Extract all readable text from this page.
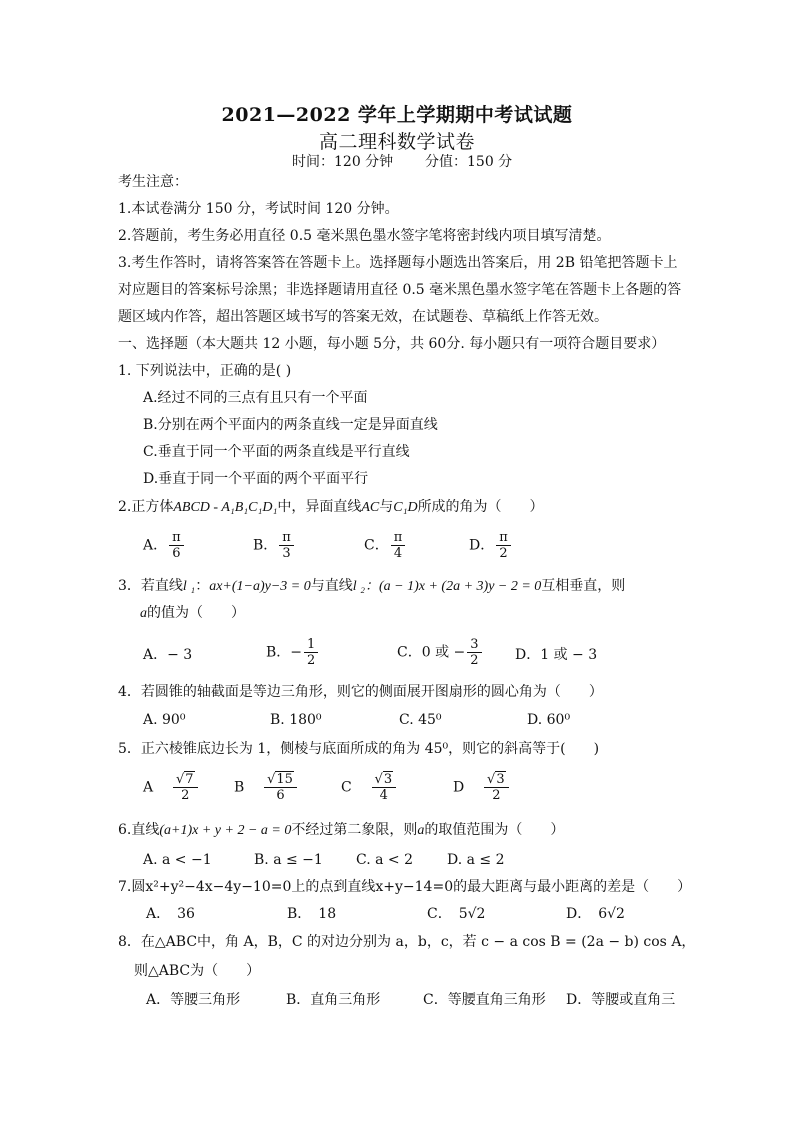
2021—2022 学年上学期期中考试试题
高二理科数学试卷
时间：120 分钟 分值：150 分
考生注意：
1.本试卷满分 150 分，考试时间 120 分钟。
2.答题前，考生务必用直径 0.5 毫米黑色墨水签字笔将密封线内项目填写清楚。
3.考生作答时，请将答案答在答题卡上。选择题每小题选出答案后，用 2B 铅笔把答题卡上
对应题目的答案标号涂黑；非选择题请用直径 0.5 毫米黑色墨水签字笔在答题卡上各题的答
题区域内作答，超出答题区域书写的答案无效，在试题卷、草稿纸上作答无效。
一、选择题（本大题共 12 小题，每小题 5分，共 60分. 每小题只有一项符合题目要求）
1. 下列说法中，正确的是( )
A.经过不同的三点有且只有一个平面
B.分别在两个平面内的两条直线一定是异面直线
C.垂直于同一个平面的两条直线是平行直线
D.垂直于同一个平面的两个平面平行
2.正方体ABCD - A₁B₁C₁D₁中，异面直线AC与C₁D所成的角为（　　）
A． $\frac{\pi}{6}$	B． $\frac{\pi}{3}$	C． $\frac{\pi}{4}$	D． $\frac{\pi}{2}$
3．若直线l ₁：ax+(1−a)y−3 = 0与直线l ₂：(a − 1)x + (2a + 3)y − 2 = 0互相垂直，则
a的值为（　　）
A．− 3	B．− $\frac{1}{2}$	C．0 或 − $\frac{3}{2}$ D．1 或 − 3
4．若圆锥的轴截面是等边三角形，则它的侧面展开图扇形的圆心角为（　　）
A. 90⁰	B. 180⁰	C. 45⁰	D. 60⁰
5．正六棱锥底边长为 1，侧棱与底面所成的角为 45⁰，则它的斜高等于(　　)
A $\frac{√7}{2}$	B $\frac{√15}{6}$	C $\frac{√3}{4}$	D $\frac{√3}{2}$
6.直线(a+1)x + y + 2 − a = 0不经过第二象限，则a的取值范围为（　　）
A. a < −1	B. a ≤ −1 C. a < 2 D. a ≤ 2
7.圆x²+y²−4x−4y−10=0上的点到直线x+y−14=0的最大距离与最小距离的差是（　　）
A．　36	B．　18	C．　5√2	D．　6√2
8．在△ABC中，角 A，B，C 的对边分别为 a，b，c，若 c − a cos B = (2a − b) cos A，
则△ABC为（　　）
A．等腰三角形	B．直角三角形	C．等腰直角三角形 D．等腰或直角三
